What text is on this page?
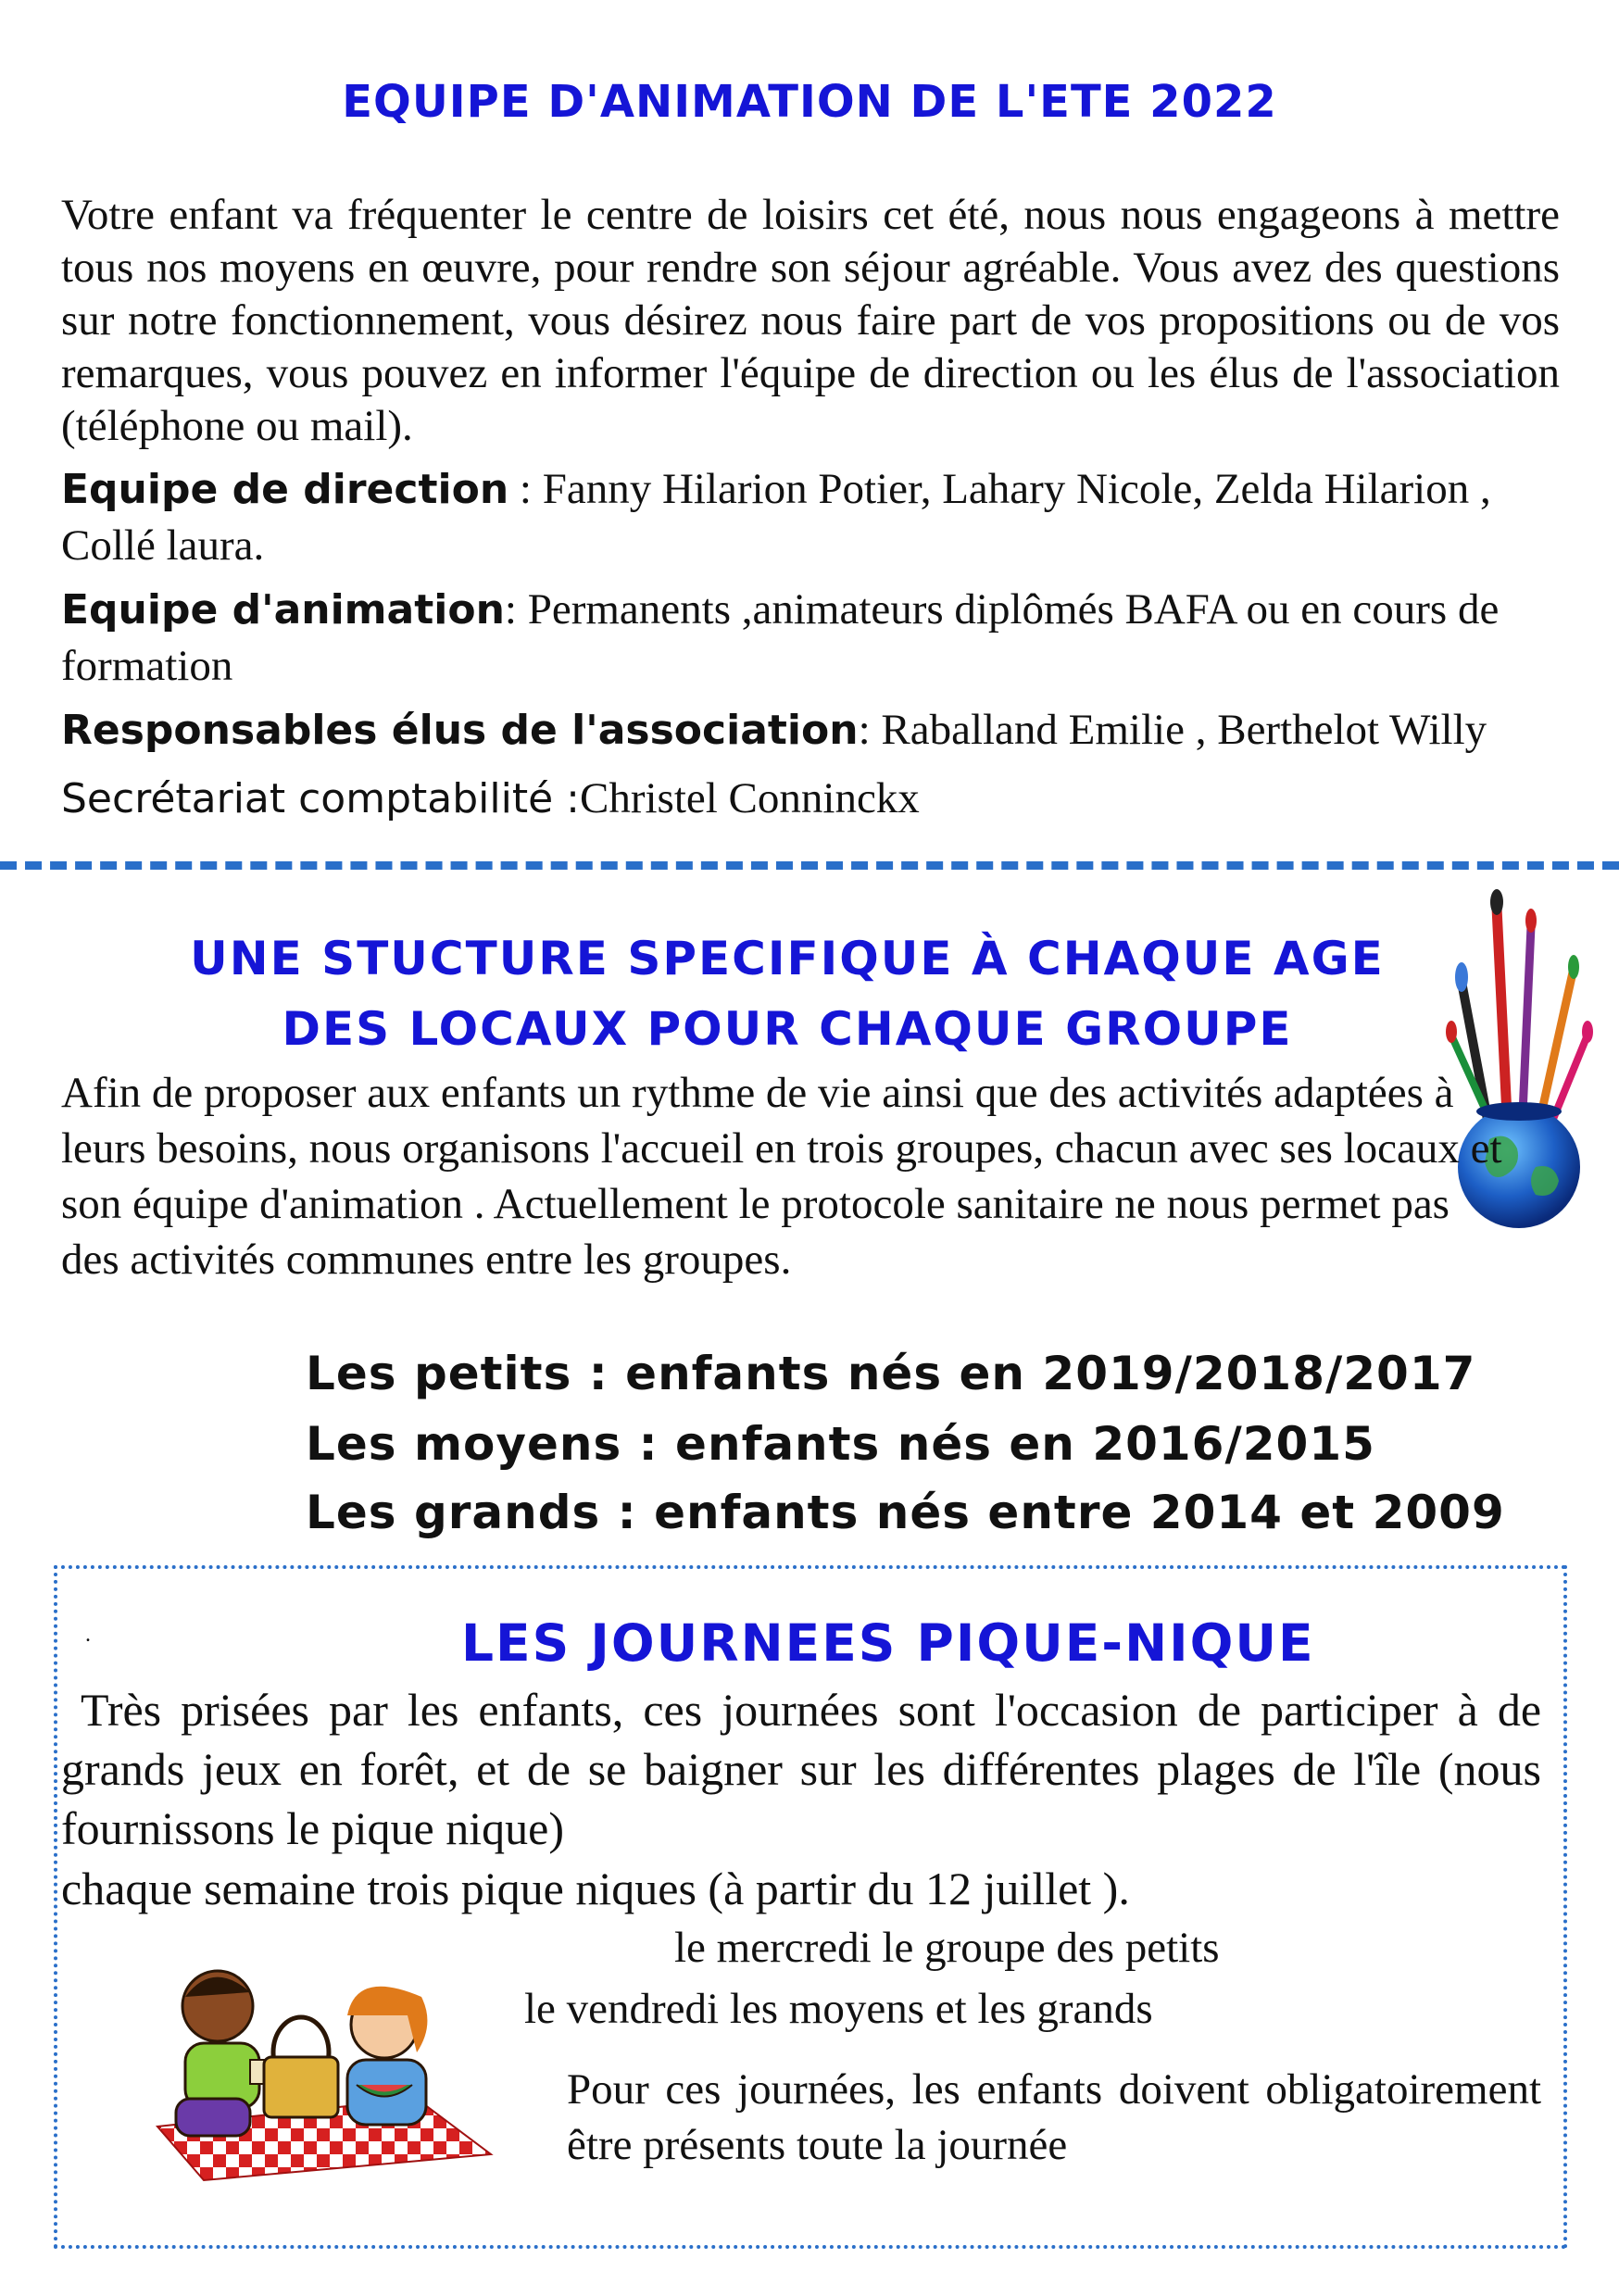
EQUIPE D'ANIMATION DE L'ETE 2022
Votre enfant va fréquenter le centre de loisirs cet été, nous nous engageons à mettre tous nos moyens en œuvre, pour rendre son séjour agréable. Vous avez des questions sur notre fonctionnement, vous désirez nous faire part de vos propositions ou de vos remarques, vous pouvez en informer l'équipe de direction ou les élus de l'association (téléphone ou mail).
Equipe de direction : Fanny Hilarion Potier, Lahary Nicole, Zelda Hilarion , Collé laura.
Equipe d'animation: Permanents ,animateurs diplômés BAFA ou en cours de formation
Responsables élus de l'association: Raballand Emilie , Berthelot Willy
Secrétariat comptabilité :Christel Conninckx
UNE STUCTURE SPECIFIQUE À CHAQUE AGE
DES LOCAUX POUR CHAQUE GROUPE
Afin de proposer aux enfants un rythme de vie ainsi que des activités adaptées à leurs besoins, nous organisons l'accueil en trois groupes, chacun avec ses locaux et son équipe d'animation . Actuellement le protocole sanitaire ne nous permet pas des activités communes entre les groupes.
Les petits : enfants nés en 2019/2018/2017
Les moyens : enfants nés en 2016/2015
Les grands : enfants nés entre 2014 et 2009
.	LES JOURNEES PIQUE-NIQUE
Très prisées par les enfants, ces journées sont l'occasion de participer à de grands jeux en forêt, et de se baigner sur les différentes plages de l'île (nous fournissons le pique nique)
chaque semaine trois pique niques (à partir du 12 juillet ).
le mercredi le groupe des petits
le vendredi les moyens et les grands
Pour ces journées, les enfants doivent obligatoirement être présents toute la journée
